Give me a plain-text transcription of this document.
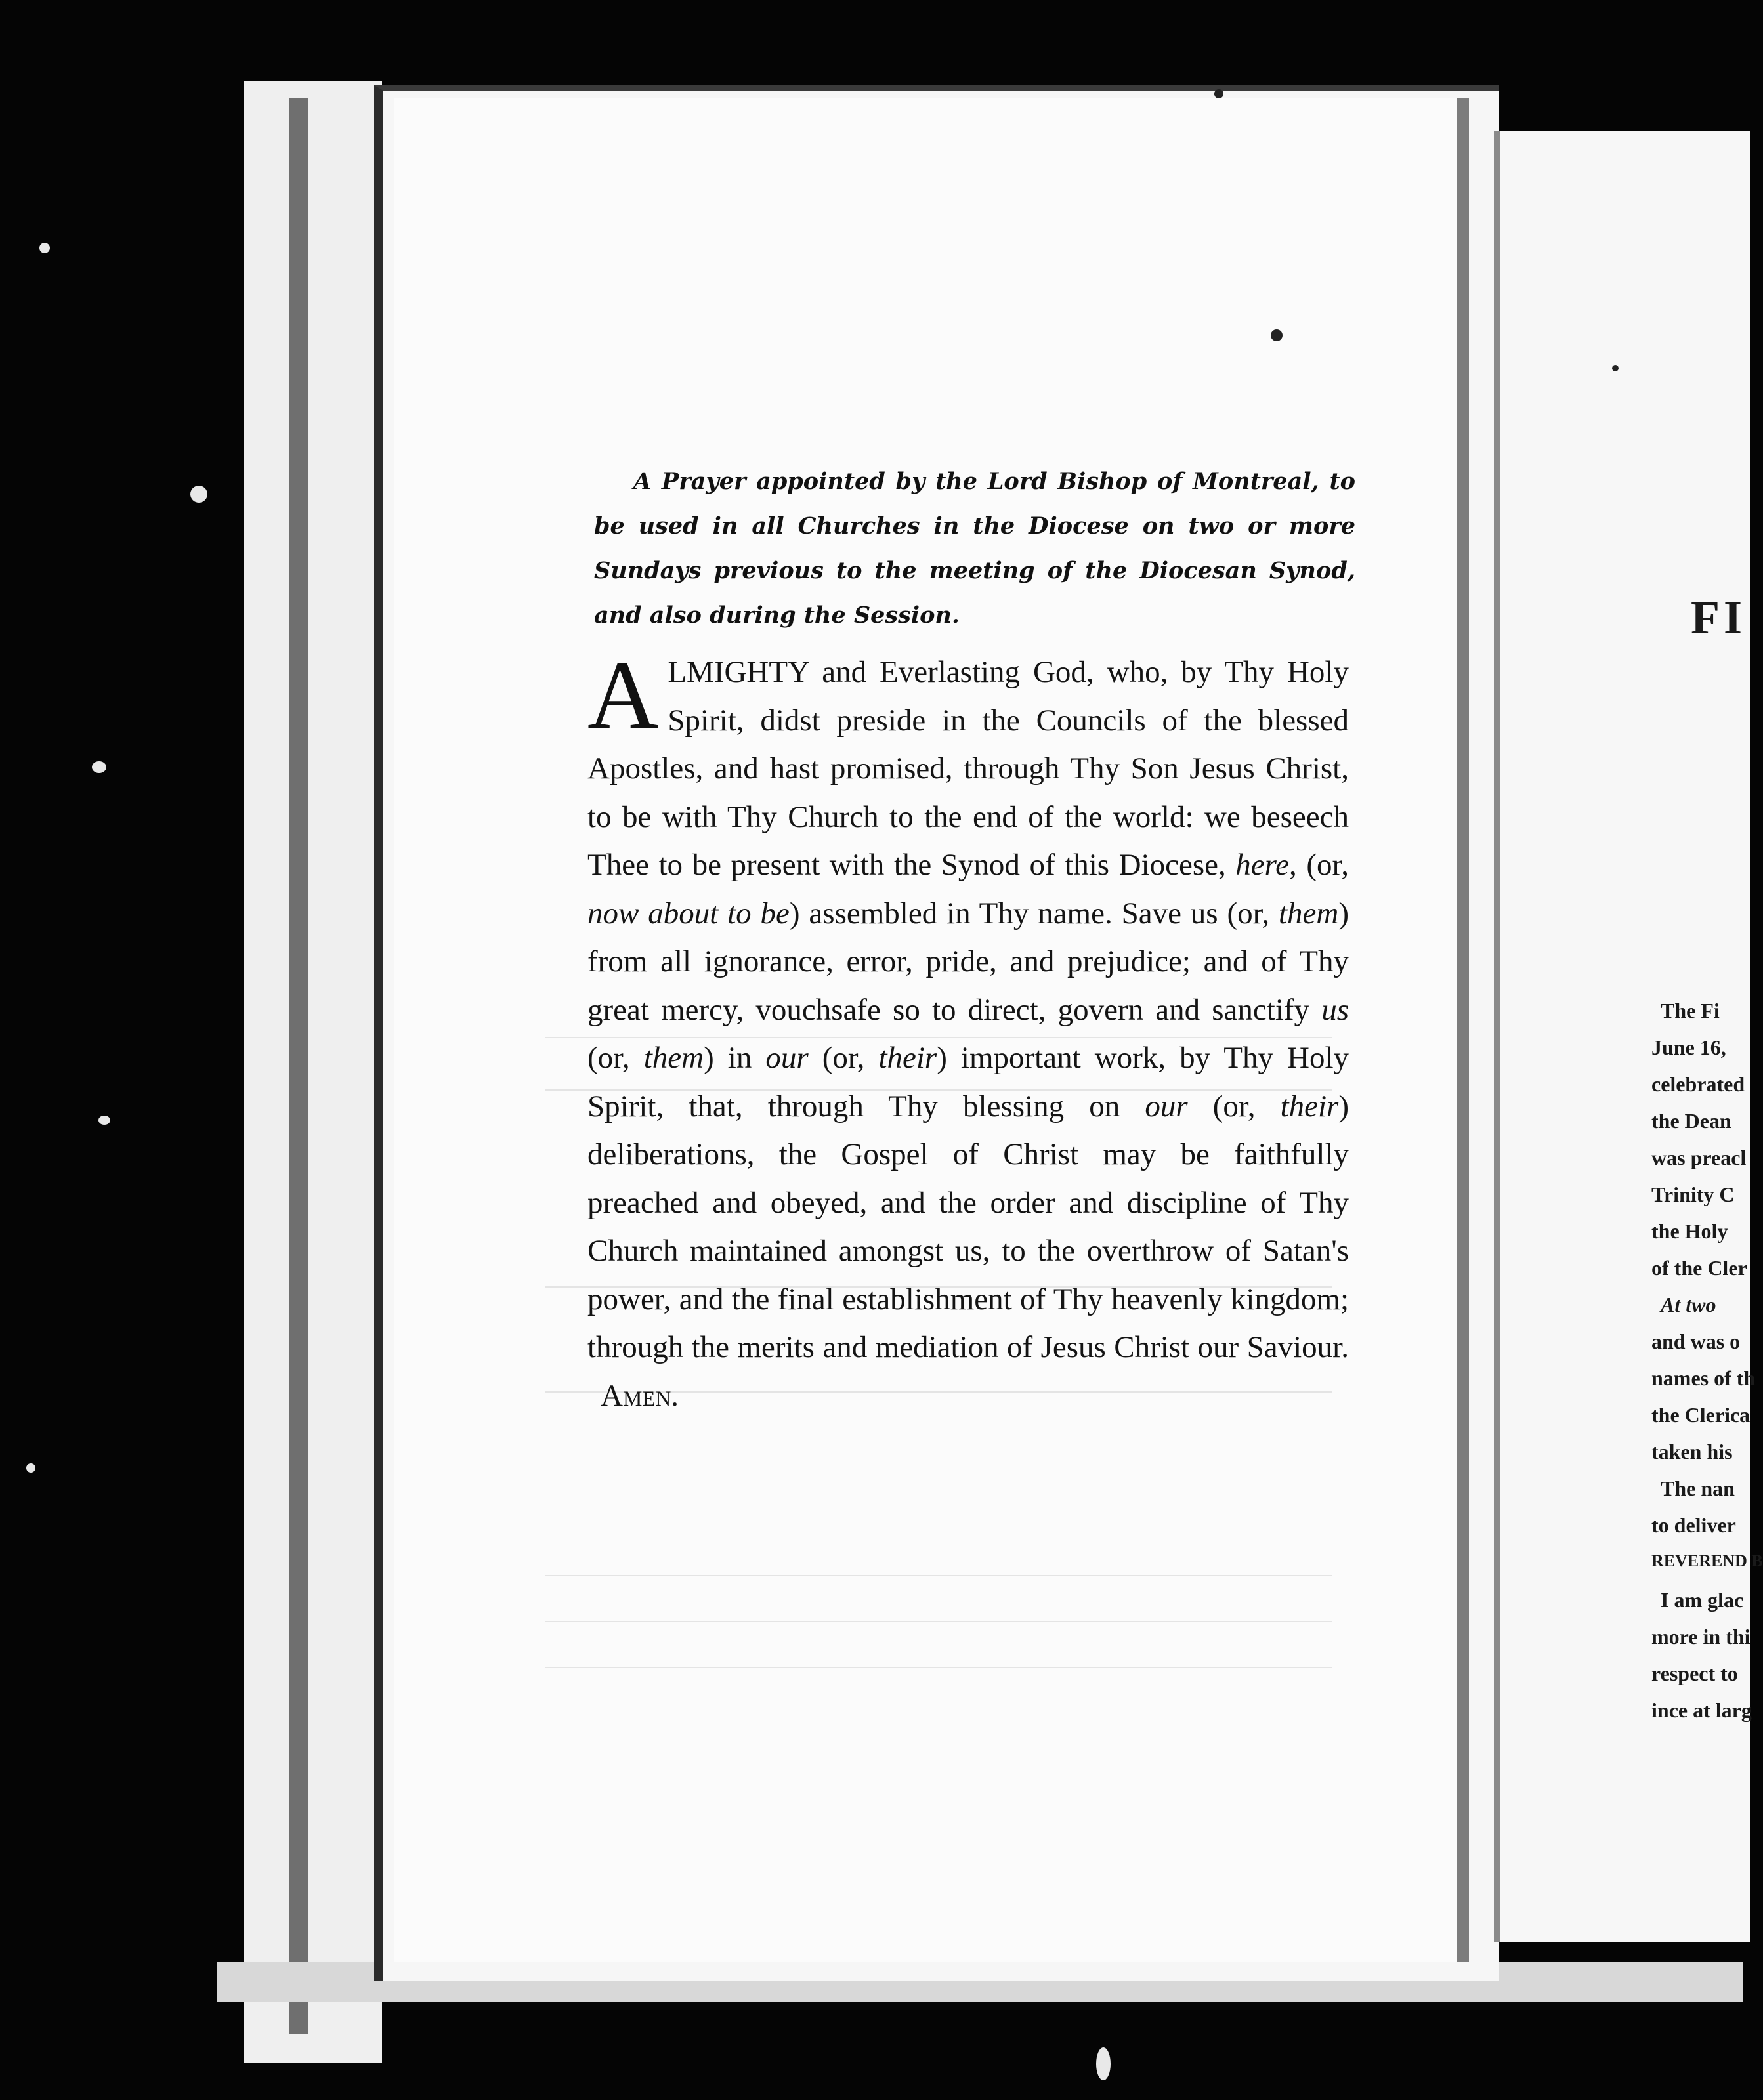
A Prayer appointed by the Lord Bishop of Montreal, to be used in all Churches in the Diocese on two or more Sundays previous to the meeting of the Diocesan Synod, and also during the Session.
A LMIGHTY and Everlasting God, who, by Thy Holy Spirit, didst preside in the Councils of the blessed Apostles, and hast promised, through Thy Son Jesus Christ, to be with Thy Church to the end of the world: we beseech Thee to be present with the Synod of this Diocese, here, (or, now about to be) assembled in Thy name. Save us (or, them) from all ignorance, error, pride, and prejudice; and of Thy great mercy, vouchsafe so to direct, govern and sanctify us (or, them) in our (or, their) important work, by Thy Holy Spirit, that, through Thy blessing on our (or, their) deliberations, the Gospel of Christ may be faithfully preached and obeyed, and the order and discipline of Thy Church maintained amongst us, to the overthrow of Satan's power, and the final establishment of Thy heavenly kingdom; through the merits and mediation of Jesus Christ our Saviour. Amen.
FI
The Fi
June 16,
celebrated
the Dean
was preacl
Trinity C
the Holy
of the Cler
At two
and was o
names of th
the Clerica
taken his
The nan
to deliver
REVEREND B
I am glac
more in thi
respect to
ince at larg
